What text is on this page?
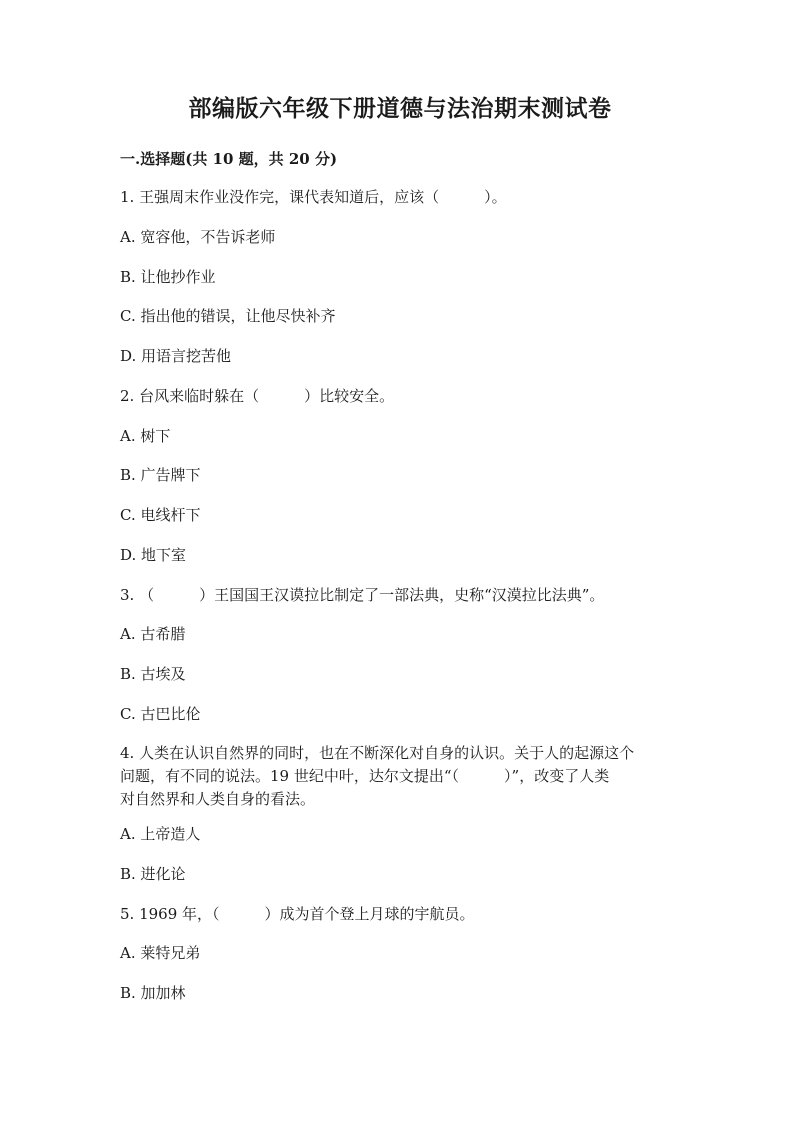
部编版六年级下册道德与法治期末测试卷
一.选择题(共 10 题，共 20 分)
1. 王强周末作业没作完，课代表知道后，应该（　　　）。
A. 宽容他，不告诉老师
B. 让他抄作业
C. 指出他的错误，让他尽快补齐
D. 用语言挖苦他
2. 台风来临时躲在（　　　）比较安全。
A. 树下
B. 广告牌下
C. 电线杆下
D. 地下室
3. （　　　）王国国王汉谟拉比制定了一部法典，史称“汉漠拉比法典”。
A. 古希腊
B. 古埃及
C. 古巴比伦
4. 人类在认识自然界的同时，也在不断深化对自身的认识。关于人的起源这个
问题，有不同的说法。19 世纪中叶，达尔文提出“（　　　）”，改变了人类
对自然界和人类自身的看法。
A. 上帝造人
B. 进化论
5. 1969 年，（　　　）成为首个登上月球的宇航员。
A. 莱特兄弟
B. 加加林
